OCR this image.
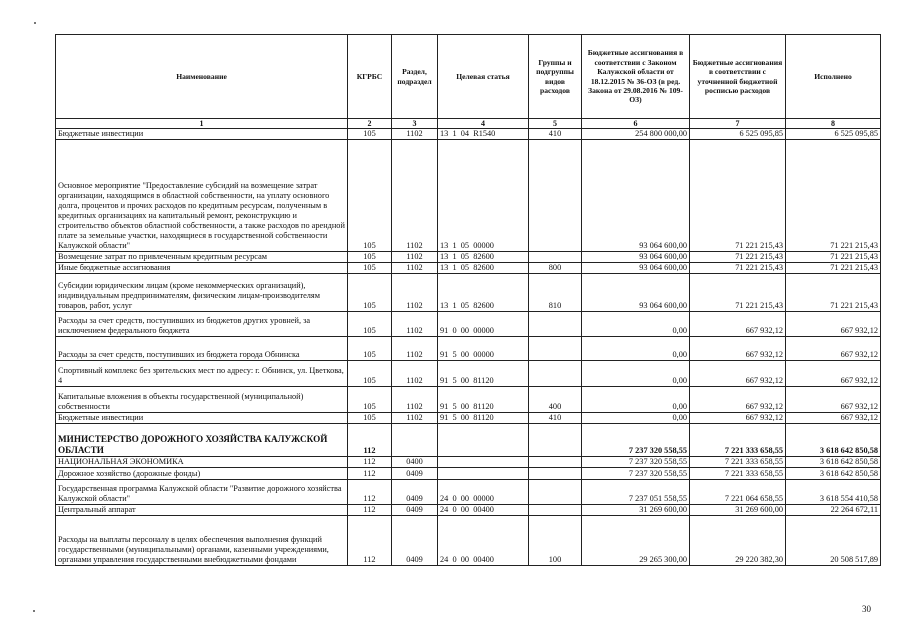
Наименование	КГРБС	Раздел, подраздел	Целевая статья	Группы и подгруппы видов расходов	Бюджетные ассигнования в соответствии с Законом Калужской области от 18.12.2015 № 36-ОЗ (в ред. Закона от 29.08.2016 № 109-ОЗ)	Бюджетные ассигнования в соответствии с уточненной бюджетной росписью расходов	Исполнено
1	2	3	4	5	6	7	8
Бюджетные инвестиции	105	1102	13  1  04  R1540	410	254 800 000,00	6 525 095,85	6 525 095,85
Основное мероприятие "Предоставление субсидий на возмещение затрат организации, находящимся в областной собственности, на уплату основного долга, процентов и прочих расходов по кредитным ресурсам, полученным в кредитных организациях на капитальный ремонт, реконструкцию и строительство объектов областной собственности, а также расходов по арендной плате за земельные участки, находящиеся в государственной собственности Калужской области"	105	1102	13  1  05  00000		93 064 600,00	71 221 215,43	71 221 215,43
Возмещение затрат по привлеченным кредитным ресурсам	105	1102	13  1  05  82600		93 064 600,00	71 221 215,43	71 221 215,43
Иные бюджетные ассигнования	105	1102	13  1  05  82600	800	93 064 600,00	71 221 215,43	71 221 215,43
Субсидии юридическим лицам (кроме некоммерческих организаций), индивидуальным предпринимателям, физическим лицам-производителям товаров, работ, услуг	105	1102	13  1  05  82600	810	93 064 600,00	71 221 215,43	71 221 215,43
Расходы за счет средств, поступивших из бюджетов других уровней, за исключением федерального бюджета	105	1102	91  0  00  00000		0,00	667 932,12	667 932,12
Расходы за счет средств, поступивших из бюджета города Обнинска	105	1102	91  5  00  00000		0,00	667 932,12	667 932,12
Спортивный комплекс без зрительских мест по адресу: г. Обнинск, ул. Цветкова, 4	105	1102	91  5  00  81120		0,00	667 932,12	667 932,12
Капитальные вложения в объекты государственной (муниципальной) собственности	105	1102	91  5  00  81120	400	0,00	667 932,12	667 932,12
Бюджетные инвестиции	105	1102	91  5  00  81120	410	0,00	667 932,12	667 932,12
МИНИСТЕРСТВО ДОРОЖНОГО ХОЗЯЙСТВА КАЛУЖСКОЙ ОБЛАСТИ	112				7 237 320 558,55	7 221 333 658,55	3 618 642 850,58
НАЦИОНАЛЬНАЯ ЭКОНОМИКА	112	0400			7 237 320 558,55	7 221 333 658,55	3 618 642 850,58
Дорожное хозяйство (дорожные фонды)	112	0409			7 237 320 558,55	7 221 333 658,55	3 618 642 850,58
Государственная программа Калужской области "Развитие дорожного хозяйства Калужской области"	112	0409	24  0  00  00000		7 237 051 558,55	7 221 064 658,55	3 618 554 410,58
Центральный аппарат	112	0409	24  0  00  00400		31 269 600,00	31 269 600,00	22 264 672,11
Расходы на выплаты персоналу в целях обеспечения выполнения функций государственными (муниципальными) органами, казенными учреждениями, органами управления государственными внебюджетными фондами	112	0409	24  0  00  00400	100	29 265 300,00	29 220 382,30	20 508 517,89
30
